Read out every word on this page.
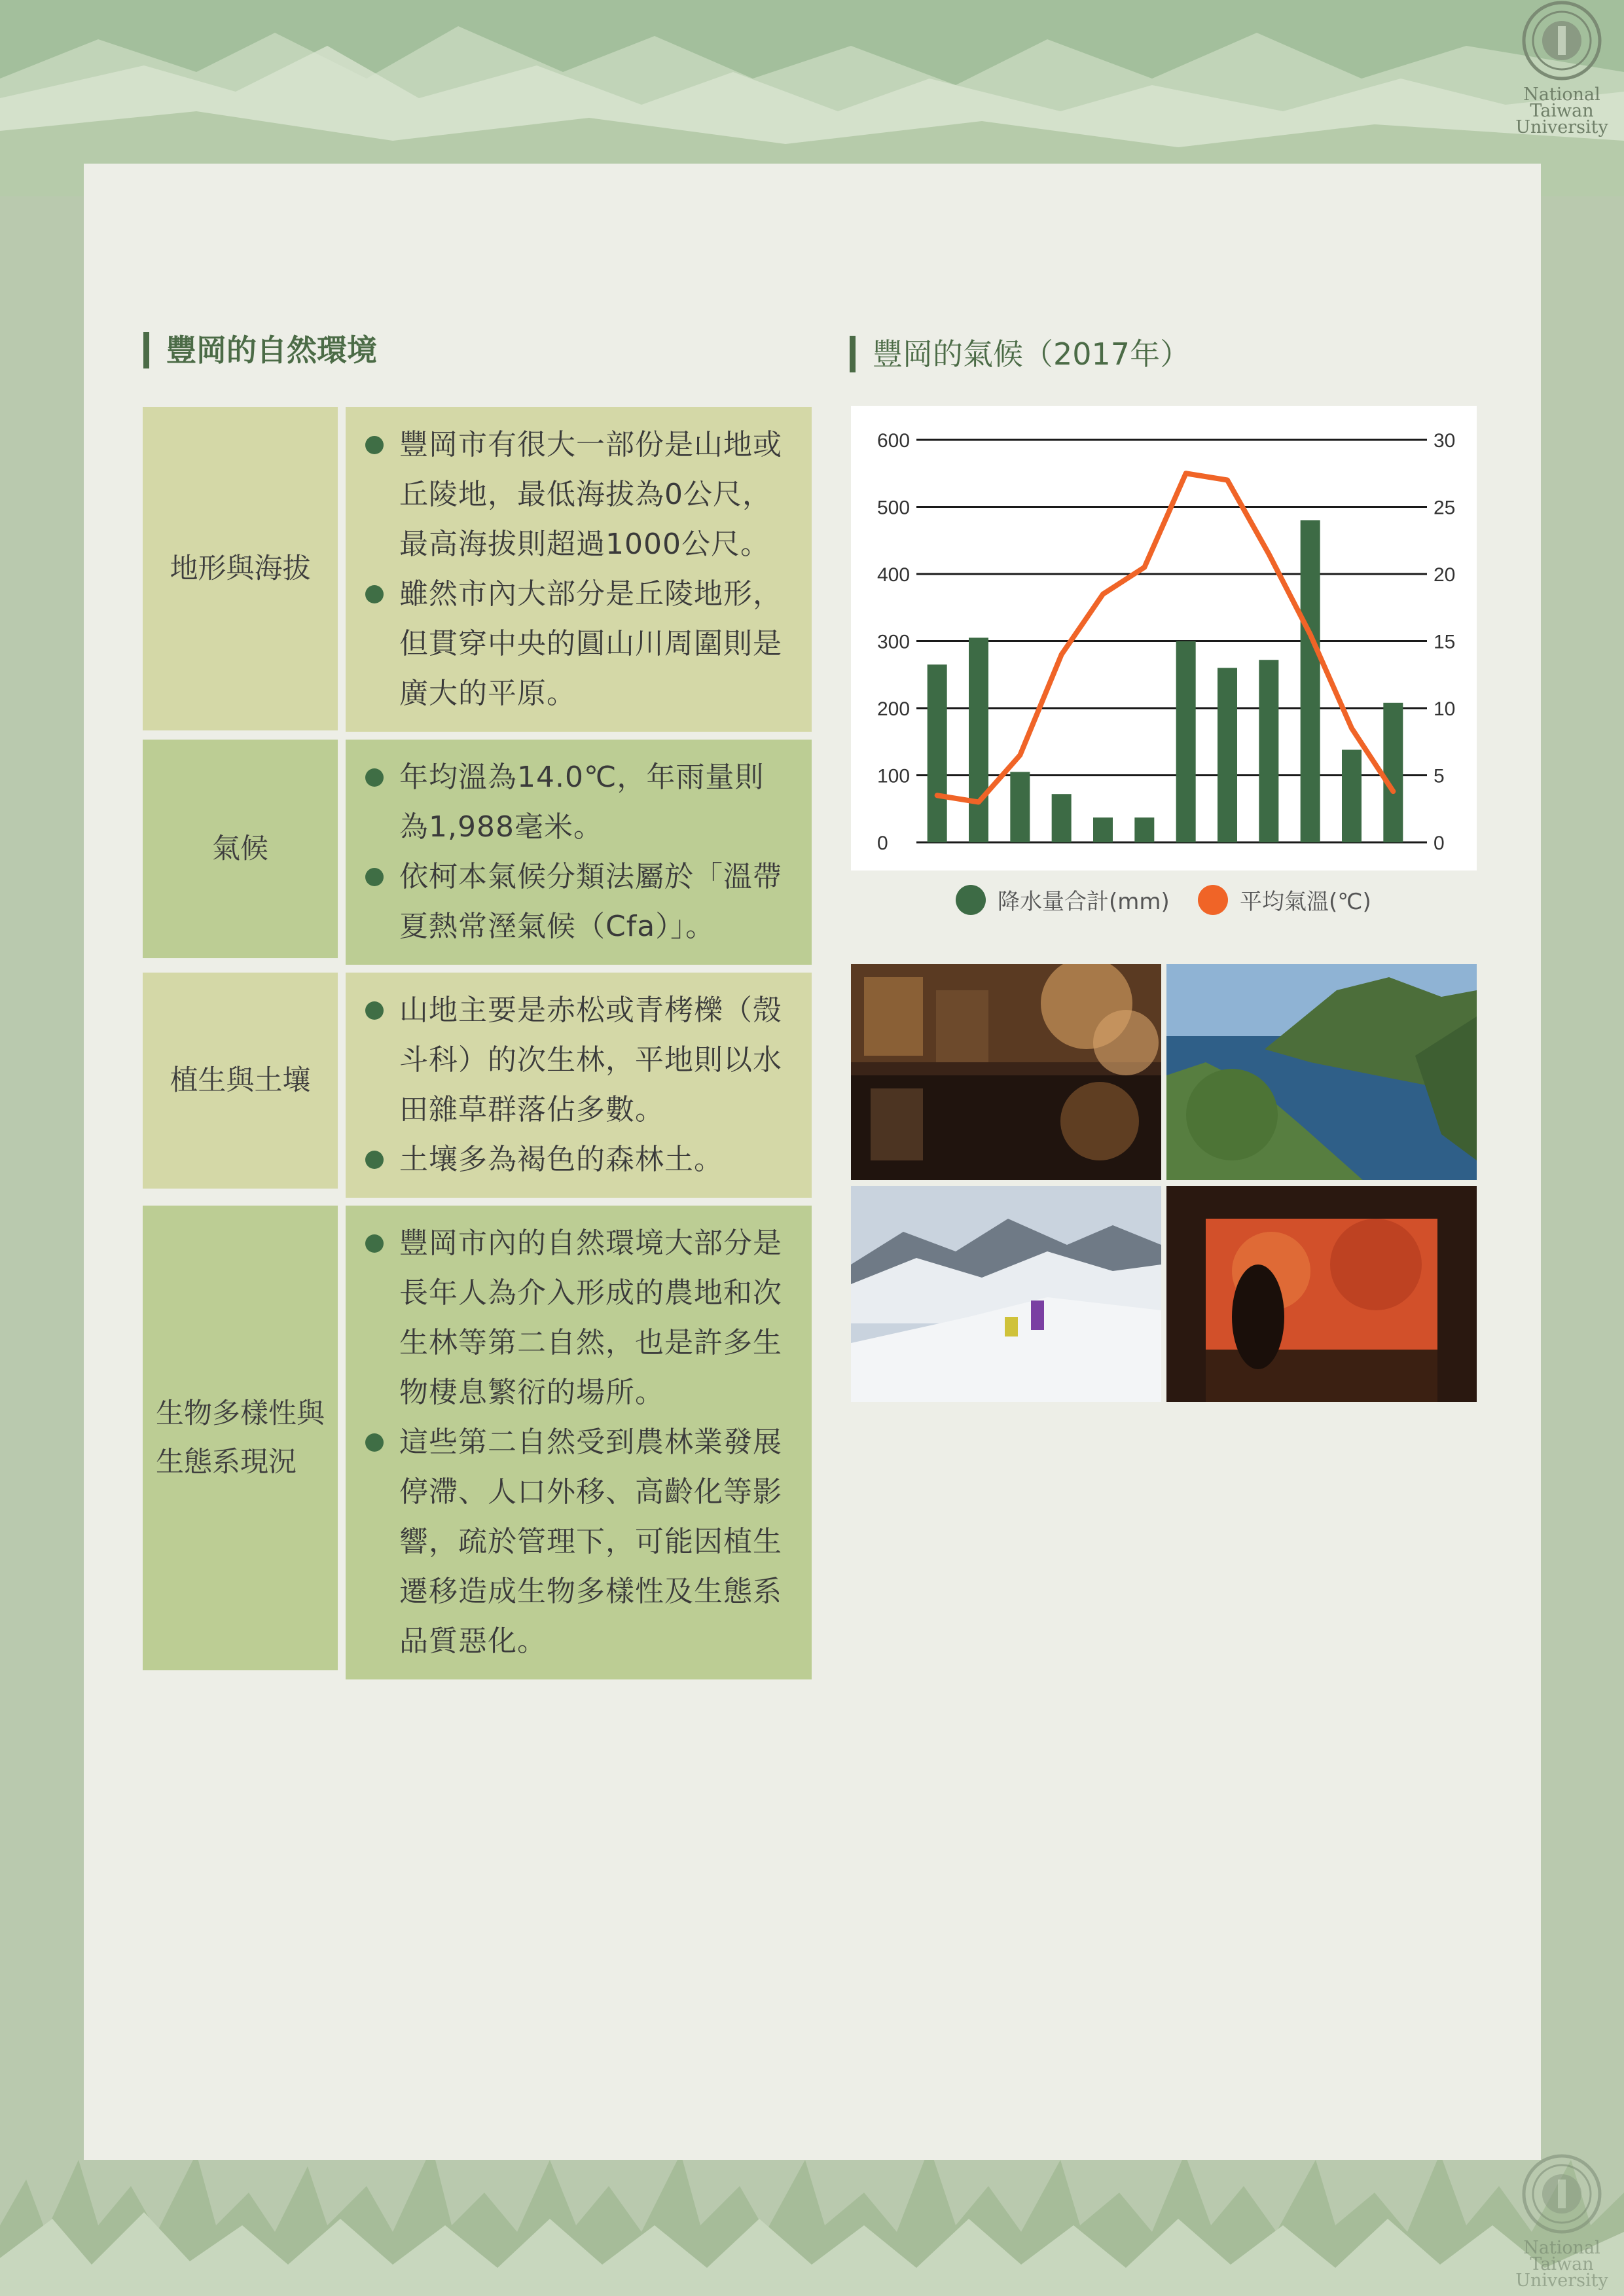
National
Taiwan
University
National
Taiwan
University
豐岡的自然環境	豐岡的氣候（2017年）
地形與海拔
豐岡市有很大一部份是山地或丘陵地，最低海拔為0公尺，最高海拔則超過1000公尺。
雖然市內大部分是丘陵地形，但貫穿中央的圓山川周圍則是廣大的平原。
氣候
年均溫為14.0℃，年雨量則為1,988毫米。
依柯本氣候分類法屬於「溫帶夏熱常溼氣候（Cfa）」。
植生與土壤
山地主要是赤松或青栲櫟（殼斗科）的次生林，平地則以水田雜草群落佔多數。
土壤多為褐色的森林土。
生物多樣性與生態系現況
豐岡市內的自然環境大部分是長年人為介入形成的農地和次生林等第二自然，也是許多生物棲息繁衍的場所。
這些第二自然受到農林業發展停滯、人口外移、高齡化等影響，疏於管理下，可能因植生遷移造成生物多樣性及生態系品質惡化。
0
100
200
300
400
500
600
0
5
10
15
20
25
30
降水量合計(mm)	平均氣溫(℃)
